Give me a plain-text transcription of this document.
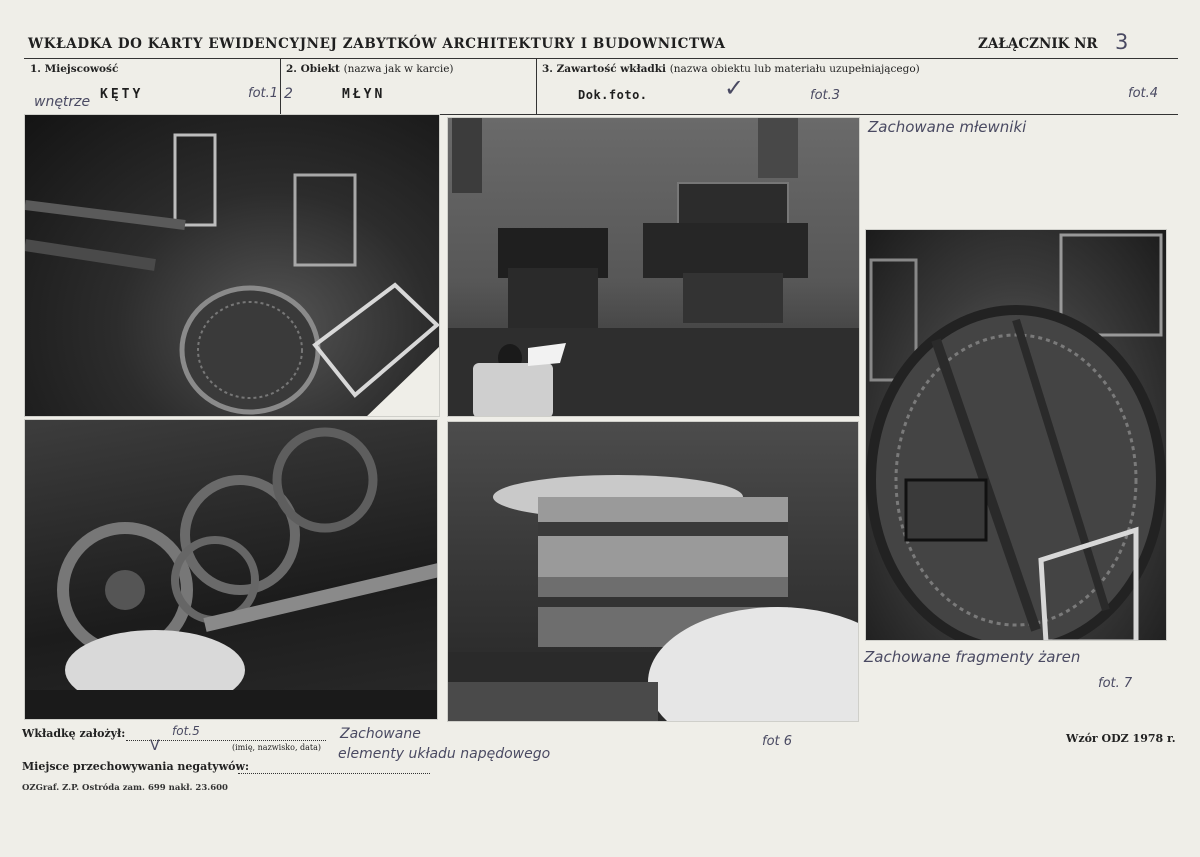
WKŁADKA DO KARTY EWIDENCYJNEJ ZABYTKÓW ARCHITEKTURY I BUDOWNICTWA	ZAŁĄCZNIK NR 3
1. Miejscowość
KĘTY
wnętrze
fot.1
2. Obiekt (nazwa jak w karcie)
2	MŁYN
3. Zawartość wkładki (nazwa obiektu lub materiału uzupełniającego)
Dok.foto.	✓	fot.3	fot.4
Zachowane młewniki
Zachowane fragmenty żaren
fot. 7
Zachowane
elementy układu napędowego
fot.5
fot 6
V
Wkładkę założył:
(imię, nazwisko, data)
Miejsce przechowywania negatywów:
Wzór ODZ 1978 r.
OZGraf. Z.P. Ostróda zam. 699 nakł. 23.600
